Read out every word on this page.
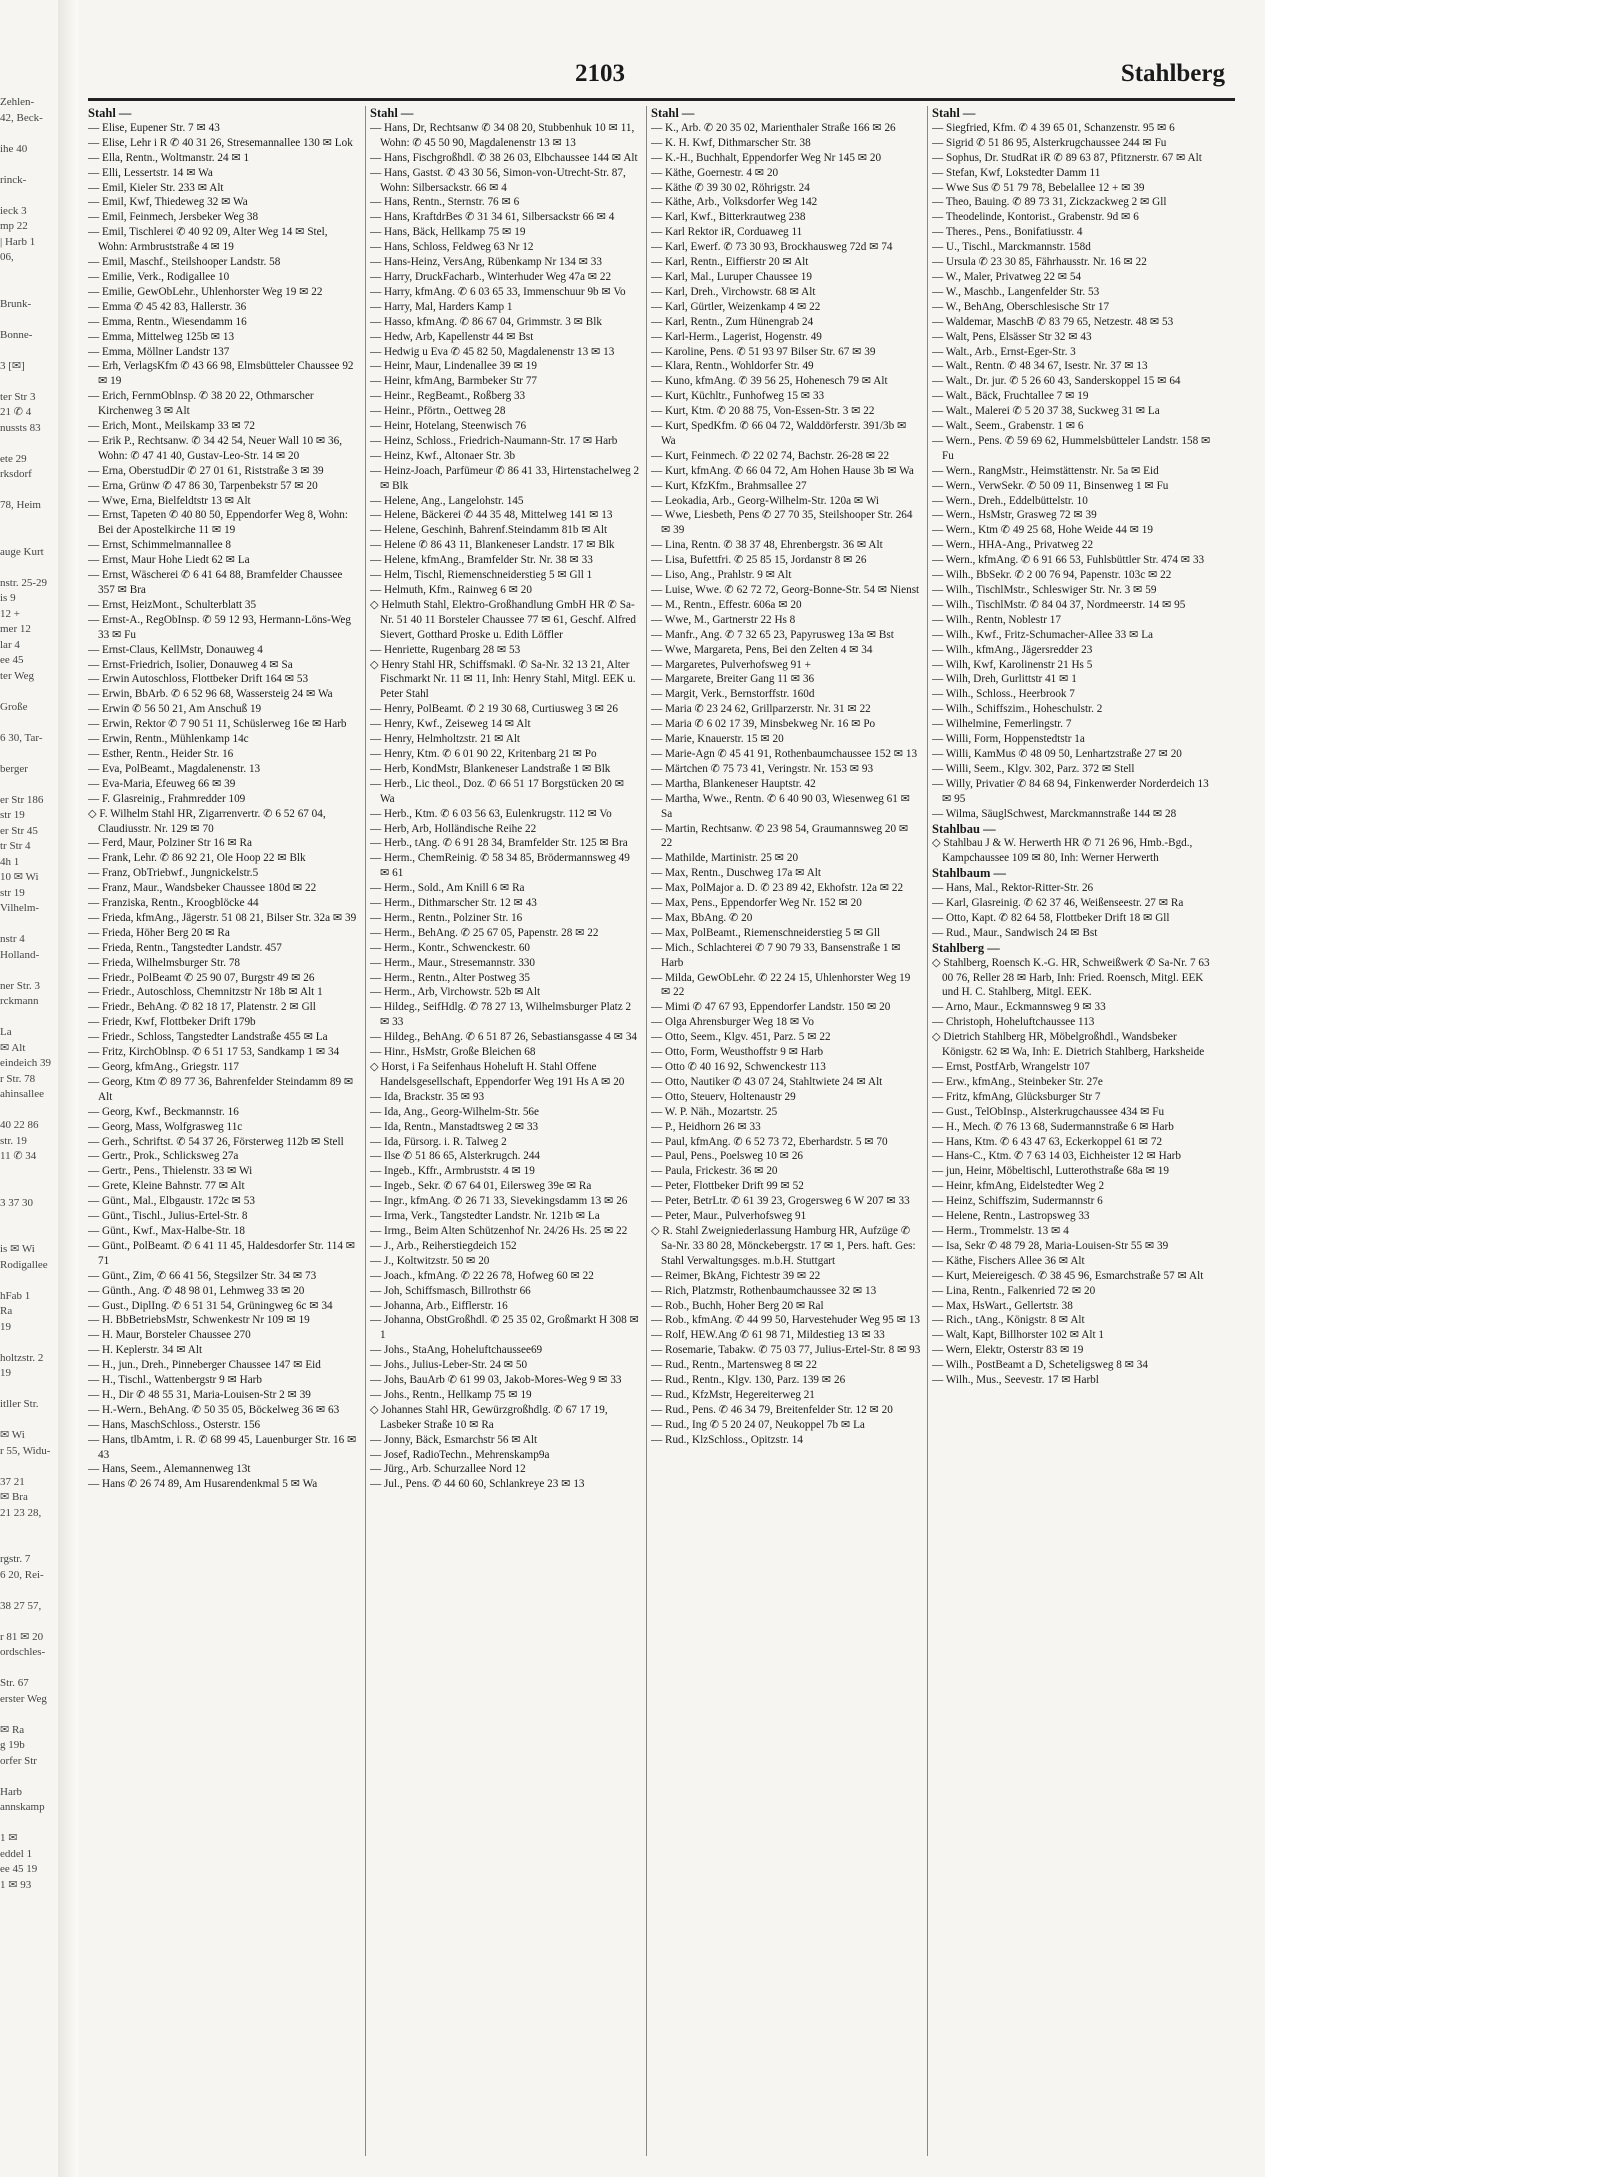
Zehlen-
42, Beck-
ihe 40
rinck-
ieck 3
mp 22
| Harb 1
06,
Brunk-
Bonne-
3 [✉]
ter Str 3
21 ✆ 4
nussts 83
ete 29
rksdorf
78, Heim
auge Kurt
nstr. 25-29
is 9
12 +
mer 12
lar 4
ee 45
ter Weg
Große
6 30, Tar-
berger
er Str 186
str 19
er Str 45
tr Str 4
4h 1
10 ✉ Wi
str 19
Vilhelm-
nstr 4
Holland-
ner Str. 3
rckmann
La
✉ Alt
eindeich 39
r Str. 78
ahinsallee
40 22 86
str. 19
11 ✆ 34
3 37 30
is ✉ Wi
Rodigallee
hFab 1
Ra
19
holtzstr. 2
19
itller Str.
✉ Wi
r 55, Widu-
37 21
✉ Bra
21 23 28,
rgstr. 7
6 20, Rei-
38 27 57,
r 81 ✉ 20
ordschles-
Str. 67
erster Weg
✉ Ra
g 19b
orfer Str
Harb
annskamp
1 ✉
eddel 1
ee 45 19
1 ✉ 93
2103	Stahlberg
Stahl —
— Elise, Eupener Str. 7 ✉ 43
— Elise, Lehr i R ✆ 40 31 26, Stresemannallee 130 ✉ Lok
— Ella, Rentn., Woltmanstr. 24 ✉ 1
— Elli, Lessertstr. 14 ✉ Wa
— Emil, Kieler Str. 233 ✉ Alt
— Emil, Kwf, Thiedeweg 32 ✉ Wa
— Emil, Feinmech, Jersbeker Weg 38
— Emil, Tischlerei ✆ 40 92 09, Alter Weg 14 ✉ Stel, Wohn: Armbruststraße 4 ✉ 19
— Emil, Maschf., Steilshooper Landstr. 58
— Emilie, Verk., Rodigallee 10
— Emilie, GewObLehr., Uhlenhorster Weg 19 ✉ 22
— Emma ✆ 45 42 83, Hallerstr. 36
— Emma, Rentn., Wiesendamm 16
— Emma, Mittelweg 125b ✉ 13
— Emma, Möllner Landstr 137
— Erh, VerlagsKfm ✆ 43 66 98, Elmsbütteler Chaussee 92 ✉ 19
— Erich, FernmOblnsp. ✆ 38 20 22, Othmarscher Kirchenweg 3 ✉ Alt
— Erich, Mont., Meilskamp 33 ✉ 72
— Erik P., Rechtsanw. ✆ 34 42 54, Neuer Wall 10 ✉ 36, Wohn: ✆ 47 41 40, Gustav-Leo-Str. 14 ✉ 20
— Erna, OberstudDir ✆ 27 01 61, Riststraße 3 ✉ 39
— Erna, Grünw ✆ 47 86 30, Tarpenbekstr 57 ✉ 20
— Wwe, Erna, Bielfeldtstr 13 ✉ Alt
— Ernst, Tapeten ✆ 40 80 50, Eppendorfer Weg 8, Wohn: Bei der Apostelkirche 11 ✉ 19
— Ernst, Schimmelmannallee 8
— Ernst, Maur Hohe Liedt 62 ✉ La
— Ernst, Wäscherei ✆ 6 41 64 88, Bramfelder Chaussee 357 ✉ Bra
— Ernst, HeizMont., Schulterblatt 35
— Ernst-A., RegObInsp. ✆ 59 12 93, Hermann-Löns-Weg 33 ✉ Fu
— Ernst-Claus, KellMstr, Donauweg 4
— Ernst-Friedrich, Isolier, Donauweg 4 ✉ Sa
— Erwin Autoschloss, Flottbeker Drift 164 ✉ 53
— Erwin, BbArb. ✆ 6 52 96 68, Wassersteig 24 ✉ Wa
— Erwin ✆ 56 50 21, Am Anschuß 19
— Erwin, Rektor ✆ 7 90 51 11, Schüslerweg 16e ✉ Harb
— Erwin, Rentn., Mühlenkamp 14c
— Esther, Rentn., Heider Str. 16
— Eva, PolBeamt., Magdalenenstr. 13
— Eva-Maria, Efeuweg 66 ✉ 39
— F. Glasreinig., Frahmredder 109
◇ F. Wilhelm Stahl HR, Zigarrenvertr. ✆ 6 52 67 04, Claudiusstr. Nr. 129 ✉ 70
— Ferd, Maur, Polziner Str 16 ✉ Ra
— Frank, Lehr. ✆ 86 92 21, Ole Hoop 22 ✉ Blk
— Franz, ObTriebwf., Jungnickelstr.5
— Franz, Maur., Wandsbeker Chaussee 180d ✉ 22
— Franziska, Rentn., Kroogblöcke 44
— Frieda, kfmAng., Jägerstr. 51 08 21, Bilser Str. 32a ✉ 39
— Frieda, Höher Berg 20 ✉ Ra
— Frieda, Rentn., Tangstedter Landstr. 457
— Frieda, Wilhelmsburger Str. 78
— Friedr., PolBeamt ✆ 25 90 07, Burgstr 49 ✉ 26
— Friedr., Autoschloss, Chemnitzstr Nr 18b ✉ Alt 1
— Friedr., BehAng. ✆ 82 18 17, Platenstr. 2 ✉ Gll
— Friedr, Kwf, Flottbeker Drift 179b
— Friedr., Schloss, Tangstedter Landstraße 455 ✉ La
— Fritz, KirchOblnsp. ✆ 6 51 17 53, Sandkamp 1 ✉ 34
— Georg, kfmAng., Griegstr. 117
— Georg, Ktm ✆ 89 77 36, Bahrenfelder Steindamm 89 ✉ Alt
— Georg, Kwf., Beckmannstr. 16
— Georg, Mass, Wolfgrasweg 11c
— Gerh., Schriftst. ✆ 54 37 26, Försterweg 112b ✉ Stell
— Gertr., Prok., Schlicksweg 27a
— Gertr., Pens., Thielenstr. 33 ✉ Wi
— Grete, Kleine Bahnstr. 77 ✉ Alt
— Günt., Mal., Elbgaustr. 172c ✉ 53
— Günt., Tischl., Julius-Ertel-Str. 8
— Günt., Kwf., Max-Halbe-Str. 18
— Günt., PolBeamt. ✆ 6 41 11 45, Haldesdorfer Str. 114 ✉ 71
— Günt., Zim, ✆ 66 41 56, Stegsilzer Str. 34 ✉ 73
— Günth., Ang. ✆ 48 98 01, Lehmweg 33 ✉ 20
— Gust., DiplIng. ✆ 6 51 31 54, Grüningweg 6c ✉ 34
— H. BbBetriebsMstr, Schwenkestr Nr 109 ✉ 19
— H. Maur, Borsteler Chaussee 270
— H. Keplerstr. 34 ✉ Alt
— H., jun., Dreh., Pinneberger Chaussee 147 ✉ Eid
— H., Tischl., Wattenbergstr 9 ✉ Harb
— H., Dir ✆ 48 55 31, Maria-Louisen-Str 2 ✉ 39
— H.-Wern., BehAng. ✆ 50 35 05, Böckelweg 36 ✉ 63
— Hans, MaschSchloss., Osterstr. 156
— Hans, tlbAmtm, i. R. ✆ 68 99 45, Lauenburger Str. 16 ✉ 43
— Hans, Seem., Alemannenweg 13t
— Hans ✆ 26 74 89, Am Husarendenkmal 5 ✉ Wa
Stahl —
— Hans, Dr, Rechtsanw ✆ 34 08 20, Stubbenhuk 10 ✉ 11, Wohn: ✆ 45 50 90, Magdalenenstr 13 ✉ 13
— Hans, Fischgroßhdl. ✆ 38 26 03, Elbchaussee 144 ✉ Alt
— Hans, Gastst. ✆ 43 30 56, Simon-von-Utrecht-Str. 87, Wohn: Silbersackstr. 66 ✉ 4
— Hans, Rentn., Sternstr. 76 ✉ 6
— Hans, KraftdrBes ✆ 31 34 61, Silbersackstr 66 ✉ 4
— Hans, Bäck, Hellkamp 75 ✉ 19
— Hans, Schloss, Feldweg 63 Nr 12
— Hans-Heinz, VersAng, Rübenkamp Nr 134 ✉ 33
— Harry, DruckFacharb., Winterhuder Weg 47a ✉ 22
— Harry, kfmAng. ✆ 6 03 65 33, Immenschuur 9b ✉ Vo
— Harry, Mal, Harders Kamp 1
— Hasso, kfmAng. ✆ 86 67 04, Grimmstr. 3 ✉ Blk
— Hedw, Arb, Kapellenstr 44 ✉ Bst
— Hedwig u Eva ✆ 45 82 50, Magdalenenstr 13 ✉ 13
— Heinr, Maur, Lindenallee 39 ✉ 19
— Heinr, kfmAng, Barmbeker Str 77
— Heinr., RegBeamt., Roßberg 33
— Heinr., Pförtn., Oettweg 28
— Heinr, Hotelang, Steenwisch 76
— Heinz, Schloss., Friedrich-Naumann-Str. 17 ✉ Harb
— Heinz, Kwf., Altonaer Str. 3b
— Heinz-Joach, Parfümeur ✆ 86 41 33, Hirtenstachelweg 2 ✉ Blk
— Helene, Ang., Langelohstr. 145
— Helene, Bäckerei ✆ 44 35 48, Mittelweg 141 ✉ 13
— Helene, Geschinh, Bahrenf.Steindamm 81b ✉ Alt
— Helene ✆ 86 43 11, Blankeneser Landstr. 17 ✉ Blk
— Helene, kfmAng., Bramfelder Str. Nr. 38 ✉ 33
— Helm, Tischl, Riemenschneiderstieg 5 ✉ Gll 1
— Helmuth, Kfm., Rainweg 6 ✉ 20
◇ Helmuth Stahl, Elektro-Großhandlung GmbH HR ✆ Sa-Nr. 51 40 11 Borsteler Chaussee 77 ✉ 61, Geschf. Alfred Sievert, Gotthard Proske u. Edith Löffler
— Henriette, Rugenbarg 28 ✉ 53
◇ Henry Stahl HR, Schiffsmakl. ✆ Sa-Nr. 32 13 21, Alter Fischmarkt Nr. 11 ✉ 11, Inh: Henry Stahl, Mitgl. EEK u. Peter Stahl
— Henry, PolBeamt. ✆ 2 19 30 68, Curtiusweg 3 ✉ 26
— Henry, Kwf., Zeiseweg 14 ✉ Alt
— Henry, Helmholtzstr. 21 ✉ Alt
— Henry, Ktm. ✆ 6 01 90 22, Kritenbarg 21 ✉ Po
— Herb, KondMstr, Blankeneser Landstraße 1 ✉ Blk
— Herb., Lic theol., Doz. ✆ 66 51 17 Borgstücken 20 ✉ Wa
— Herb., Ktm. ✆ 6 03 56 63, Eulenkrugstr. 112 ✉ Vo
— Herb, Arb, Holländische Reihe 22
— Herb., tAng. ✆ 6 91 28 34, Bramfelder Str. 125 ✉ Bra
— Herm., ChemReinig. ✆ 58 34 85, Brödermannsweg 49 ✉ 61
— Herm., Sold., Am Knill 6 ✉ Ra
— Herm., Dithmarscher Str. 12 ✉ 43
— Herm., Rentn., Polziner Str. 16
— Herm., BehAng. ✆ 25 67 05, Papenstr. 28 ✉ 22
— Herm., Kontr., Schwenckestr. 60
— Herm., Maur., Stresemannstr. 330
— Herm., Rentn., Alter Postweg 35
— Herm., Arb, Virchowstr. 52b ✉ Alt
— Hildeg., SeifHdlg. ✆ 78 27 13, Wilhelmsburger Platz 2 ✉ 33
— Hildeg., BehAng. ✆ 6 51 87 26, Sebastiansgasse 4 ✉ 34
— Hinr., HsMstr, Große Bleichen 68
◇ Horst, i Fa Seifenhaus Hoheluft H. Stahl Offene Handelsgesellschaft, Eppendorfer Weg 191 Hs A ✉ 20
— Ida, Brackstr. 35 ✉ 93
— Ida, Ang., Georg-Wilhelm-Str. 56e
— Ida, Rentn., Manstadtsweg 2 ✉ 33
— Ida, Fürsorg. i. R. Talweg 2
— Ilse ✆ 51 86 65, Alsterkrugch. 244
— Ingeb., Kffr., Armbruststr. 4 ✉ 19
— Ingeb., Sekr. ✆ 67 64 01, Eilersweg 39e ✉ Ra
— Ingr., kfmAng. ✆ 26 71 33, Sievekingsdamm 13 ✉ 26
— Irma, Verk., Tangstedter Landstr. Nr. 121b ✉ La
— Irmg., Beim Alten Schützenhof Nr. 24/26 Hs. 25 ✉ 22
— J., Arb., Reiherstiegdeich 152
— J., Koltwitzstr. 50 ✉ 20
— Joach., kfmAng. ✆ 22 26 78, Hofweg 60 ✉ 22
— Joh, Schiffsmasch, Billrothstr 66
— Johanna, Arb., Eifflerstr. 16
— Johanna, ObstGroßhdl. ✆ 25 35 02, Großmarkt H 308 ✉ 1
— Johs., StaAng, Hoheluftchaussee69
— Johs., Julius-Leber-Str. 24 ✉ 50
— Johs, BauArb ✆ 61 99 03, Jakob-Mores-Weg 9 ✉ 33
— Johs., Rentn., Hellkamp 75 ✉ 19
◇ Johannes Stahl HR, Gewürzgroßhdlg. ✆ 67 17 19, Lasbeker Straße 10 ✉ Ra
— Jonny, Bäck, Esmarchstr 56 ✉ Alt
— Josef, RadioTechn., Mehrenskamp9a
— Jürg., Arb. Schurzallee Nord 12
— Jul., Pens. ✆ 44 60 60, Schlankreye 23 ✉ 13
Stahl —
— K., Arb. ✆ 20 35 02, Marienthaler Straße 166 ✉ 26
— K. H. Kwf, Dithmarscher Str. 38
— K.-H., Buchhalt, Eppendorfer Weg Nr 145 ✉ 20
— Käthe, Goernestr. 4 ✉ 20
— Käthe ✆ 39 30 02, Röhrigstr. 24
— Käthe, Arb., Volksdorfer Weg 142
— Karl, Kwf., Bitterkrautweg 238
— Karl Rektor iR, Corduaweg 11
— Karl, Ewerf. ✆ 73 30 93, Brockhausweg 72d ✉ 74
— Karl, Rentn., Eiffierstr 20 ✉ Alt
— Karl, Mal., Luruper Chaussee 19
— Karl, Dreh., Virchowstr. 68 ✉ Alt
— Karl, Gürtler, Weizenkamp 4 ✉ 22
— Karl, Rentn., Zum Hünengrab 24
— Karl-Herm., Lagerist, Hogenstr. 49
— Karoline, Pens. ✆ 51 93 97 Bilser Str. 67 ✉ 39
— Klara, Rentn., Wohldorfer Str. 49
— Kuno, kfmAng. ✆ 39 56 25, Hohenesch 79 ✉ Alt
— Kurt, Küchltr., Funhofweg 15 ✉ 33
— Kurt, Ktm. ✆ 20 88 75, Von-Essen-Str. 3 ✉ 22
— Kurt, SpedKfm. ✆ 66 04 72, Walddörferstr. 391/3b ✉ Wa
— Kurt, Feinmech. ✆ 22 02 74, Bachstr. 26-28 ✉ 22
— Kurt, kfmAng. ✆ 66 04 72, Am Hohen Hause 3b ✉ Wa
— Kurt, KfzKfm., Brahmsallee 27
— Leokadia, Arb., Georg-Wilhelm-Str. 120a ✉ Wi
— Wwe, Liesbeth, Pens ✆ 27 70 35, Steilshooper Str. 264 ✉ 39
— Lina, Rentn. ✆ 38 37 48, Ehrenbergstr. 36 ✉ Alt
— Lisa, Bufettfri. ✆ 25 85 15, Jordanstr 8 ✉ 26
— Liso, Ang., Prahlstr. 9 ✉ Alt
— Luise, Wwe. ✆ 62 72 72, Georg-Bonne-Str. 54 ✉ Nienst
— M., Rentn., Effestr. 606a ✉ 20
— Wwe, M., Gartnerstr 22 Hs 8
— Manfr., Ang. ✆ 7 32 65 23, Papyrusweg 13a ✉ Bst
— Wwe, Margareta, Pens, Bei den Zelten 4 ✉ 34
— Margaretes, Pulverhofsweg 91 +
— Margarete, Breiter Gang 11 ✉ 36
— Margit, Verk., Bernstorffstr. 160d
— Maria ✆ 23 24 62, Grillparzerstr. Nr. 31 ✉ 22
— Maria ✆ 6 02 17 39, Minsbekweg Nr. 16 ✉ Po
— Marie, Knauerstr. 15 ✉ 20
— Marie-Agn ✆ 45 41 91, Rothenbaumchaussee 152 ✉ 13
— Märtchen ✆ 75 73 41, Veringstr. Nr. 153 ✉ 93
— Martha, Blankeneser Hauptstr. 42
— Martha, Wwe., Rentn. ✆ 6 40 90 03, Wiesenweg 61 ✉ Sa
— Martin, Rechtsanw. ✆ 23 98 54, Graumannsweg 20 ✉ 22
— Mathilde, Martinistr. 25 ✉ 20
— Max, Rentn., Duschweg 17a ✉ Alt
— Max, PolMajor a. D. ✆ 23 89 42, Ekhofstr. 12a ✉ 22
— Max, Pens., Eppendorfer Weg Nr. 152 ✉ 20
— Max, BbAng. ✆ 20
— Max, PolBeamt., Riemenschneiderstieg 5 ✉ Gll
— Mich., Schlachterei ✆ 7 90 79 33, Bansenstraße 1 ✉ Harb
— Milda, GewObLehr. ✆ 22 24 15, Uhlenhorster Weg 19 ✉ 22
— Mimi ✆ 47 67 93, Eppendorfer Landstr. 150 ✉ 20
— Olga Ahrensburger Weg 18 ✉ Vo
— Otto, Seem., Klgv. 451, Parz. 5 ✉ 22
— Otto, Form, Weusthoffstr 9 ✉ Harb
— Otto ✆ 40 16 92, Schwenckestr 113
— Otto, Nautiker ✆ 43 07 24, Stahltwiete 24 ✉ Alt
— Otto, Steuerv, Holtenaustr 29
— W. P. Näh., Mozartstr. 25
— P., Heidhorn 26 ✉ 33
— Paul, kfmAng. ✆ 6 52 73 72, Eberhardstr. 5 ✉ 70
— Paul, Pens., Poelsweg 10 ✉ 26
— Paula, Frickestr. 36 ✉ 20
— Peter, Flottbeker Drift 99 ✉ 52
— Peter, BetrLtr. ✆ 61 39 23, Grogersweg 6 W 207 ✉ 33
— Peter, Maur., Pulverhofsweg 91
◇ R. Stahl Zweigniederlassung Hamburg HR, Aufzüge ✆ Sa-Nr. 33 80 28, Mönckebergstr. 17 ✉ 1, Pers. haft. Ges: Stahl Verwaltungsges. m.b.H. Stuttgart
— Reimer, BkAng, Fichtestr 39 ✉ 22
— Rich, Platzmstr, Rothenbaumchaussee 32 ✉ 13
— Rob., Buchh, Hoher Berg 20 ✉ Ral
— Rob., kfmAng. ✆ 44 99 50, Harvestehuder Weg 95 ✉ 13
— Rolf, HEW.Ang ✆ 61 98 71, Mildestieg 13 ✉ 33
— Rosemarie, Tabakw. ✆ 75 03 77, Julius-Ertel-Str. 8 ✉ 93
— Rud., Rentn., Martensweg 8 ✉ 22
— Rud., Rentn., Klgv. 130, Parz. 139 ✉ 26
— Rud., KfzMstr, Hegereiterweg 21
— Rud., Pens. ✆ 46 34 79, Breitenfelder Str. 12 ✉ 20
— Rud., Ing ✆ 5 20 24 07, Neukoppel 7b ✉ La
— Rud., KlzSchloss., Opitzstr. 14
Stahl —
— Siegfried, Kfm. ✆ 4 39 65 01, Schanzenstr. 95 ✉ 6
— Sigrid ✆ 51 86 95, Alsterkrugchaussee 244 ✉ Fu
— Sophus, Dr. StudRat iR ✆ 89 63 87, Pfitznerstr. 67 ✉ Alt
— Stefan, Kwf, Lokstedter Damm 11
— Wwe Sus ✆ 51 79 78, Bebelallee 12 + ✉ 39
— Theo, Bauing. ✆ 89 73 31, Zickzackweg 2 ✉ Gll
— Theodelinde, Kontorist., Grabenstr. 9d ✉ 6
— Theres., Pens., Bonifatiusstr. 4
— U., Tischl., Marckmannstr. 158d
— Ursula ✆ 23 30 85, Fährhausstr. Nr. 16 ✉ 22
— W., Maler, Privatweg 22 ✉ 54
— W., Maschb., Langenfelder Str. 53
— W., BehAng, Oberschlesische Str 17
— Waldemar, MaschB ✆ 83 79 65, Netzestr. 48 ✉ 53
— Walt, Pens, Elsässer Str 32 ✉ 43
— Walt., Arb., Ernst-Eger-Str. 3
— Walt., Rentn. ✆ 48 34 67, Isestr. Nr. 37 ✉ 13
— Walt., Dr. jur. ✆ 5 26 60 43, Sanderskoppel 15 ✉ 64
— Walt., Bäck, Fruchtallee 7 ✉ 19
— Walt., Malerei ✆ 5 20 37 38, Suckweg 31 ✉ La
— Walt., Seem., Grabenstr. 1 ✉ 6
— Wern., Pens. ✆ 59 69 62, Hummelsbütteler Landstr. 158 ✉ Fu
— Wern., RangMstr., Heimstättenstr. Nr. 5a ✉ Eid
— Wern., VerwSekr. ✆ 50 09 11, Binsenweg 1 ✉ Fu
— Wern., Dreh., Eddelbüttelstr. 10
— Wern., HsMstr, Grasweg 72 ✉ 39
— Wern., Ktm ✆ 49 25 68, Hohe Weide 44 ✉ 19
— Wern., HHA-Ang., Privatweg 22
— Wern., kfmAng. ✆ 6 91 66 53, Fuhlsbüttler Str. 474 ✉ 33
— Wilh., BbSekr. ✆ 2 00 76 94, Papenstr. 103c ✉ 22
— Wilh., TischlMstr., Schleswiger Str. Nr. 3 ✉ 59
— Wilh., TischlMstr. ✆ 84 04 37, Nordmeerstr. 14 ✉ 95
— Wilh., Rentn, Noblestr 17
— Wilh., Kwf., Fritz-Schumacher-Allee 33 ✉ La
— Wilh., kfmAng., Jägersredder 23
— Wilh, Kwf, Karolinenstr 21 Hs 5
— Wilh, Dreh, Gurlittstr 41 ✉ 1
— Wilh., Schloss., Heerbrook 7
— Wilh., Schiffszim., Hoheschulstr. 2
— Wilhelmine, Femerlingstr. 7
— Willi, Form, Hoppenstedtstr 1a
— Willi, KamMus ✆ 48 09 50, Lenhartzstraße 27 ✉ 20
— Willi, Seem., Klgv. 302, Parz. 372 ✉ Stell
— Willy, Privatier ✆ 84 68 94, Finkenwerder Norderdeich 13 ✉ 95
— Wilma, SäuglSchwest, Marckmannstraße 144 ✉ 28
Stahlbau —
◇ Stahlbau J & W. Herwerth HR ✆ 71 26 96, Hmb.-Bgd., Kampchaussee 109 ✉ 80, Inh: Werner Herwerth
Stahlbaum —
— Hans, Mal., Rektor-Ritter-Str. 26
— Karl, Glasreinig. ✆ 62 37 46, Weißenseestr. 27 ✉ Ra
— Otto, Kapt. ✆ 82 64 58, Flottbeker Drift 18 ✉ Gll
— Rud., Maur., Sandwisch 24 ✉ Bst
Stahlberg —
◇ Stahlberg, Roensch K.-G. HR, Schweißwerk ✆ Sa-Nr. 7 63 00 76, Reller 28 ✉ Harb, Inh: Fried. Roensch, Mitgl. EEK und H. C. Stahlberg, Mitgl. EEK.
— Arno, Maur., Eckmannsweg 9 ✉ 33
— Christoph, Hoheluftchaussee 113
◇ Dietrich Stahlberg HR, Möbelgroßhdl., Wandsbeker Königstr. 62 ✉ Wa, Inh: E. Dietrich Stahlberg, Harksheide
— Ernst, PostfArb, Wrangelstr 107
— Erw., kfmAng., Steinbeker Str. 27e
— Fritz, kfmAng, Glücksburger Str 7
— Gust., TelObInsp., Alsterkrugchaussee 434 ✉ Fu
— H., Mech. ✆ 76 13 68, Sudermannstraße 6 ✉ Harb
— Hans, Ktm. ✆ 6 43 47 63, Eckerkoppel 61 ✉ 72
— Hans-C., Ktm. ✆ 7 63 14 03, Eichheister 12 ✉ Harb
— jun, Heinr, Möbeltischl, Lutterothstraße 68a ✉ 19
— Heinr, kfmAng, Eidelstedter Weg 2
— Heinz, Schiffszim, Sudermannstr 6
— Helene, Rentn., Lastropsweg 33
— Herm., Trommelstr. 13 ✉ 4
— Isa, Sekr ✆ 48 79 28, Maria-Louisen-Str 55 ✉ 39
— Käthe, Fischers Allee 36 ✉ Alt
— Kurt, Meiereigesch. ✆ 38 45 96, Esmarchstraße 57 ✉ Alt
— Lina, Rentn., Falkenried 72 ✉ 20
— Max, HsWart., Gellertstr. 38
— Rich., tAng., Königstr. 8 ✉ Alt
— Walt, Kapt, Billhorster 102 ✉ Alt 1
— Wern, Elektr, Osterstr 83 ✉ 19
— Wilh., PostBeamt a D, Scheteligsweg 8 ✉ 34
— Wilh., Mus., Seevestr. 17 ✉ Harbl
